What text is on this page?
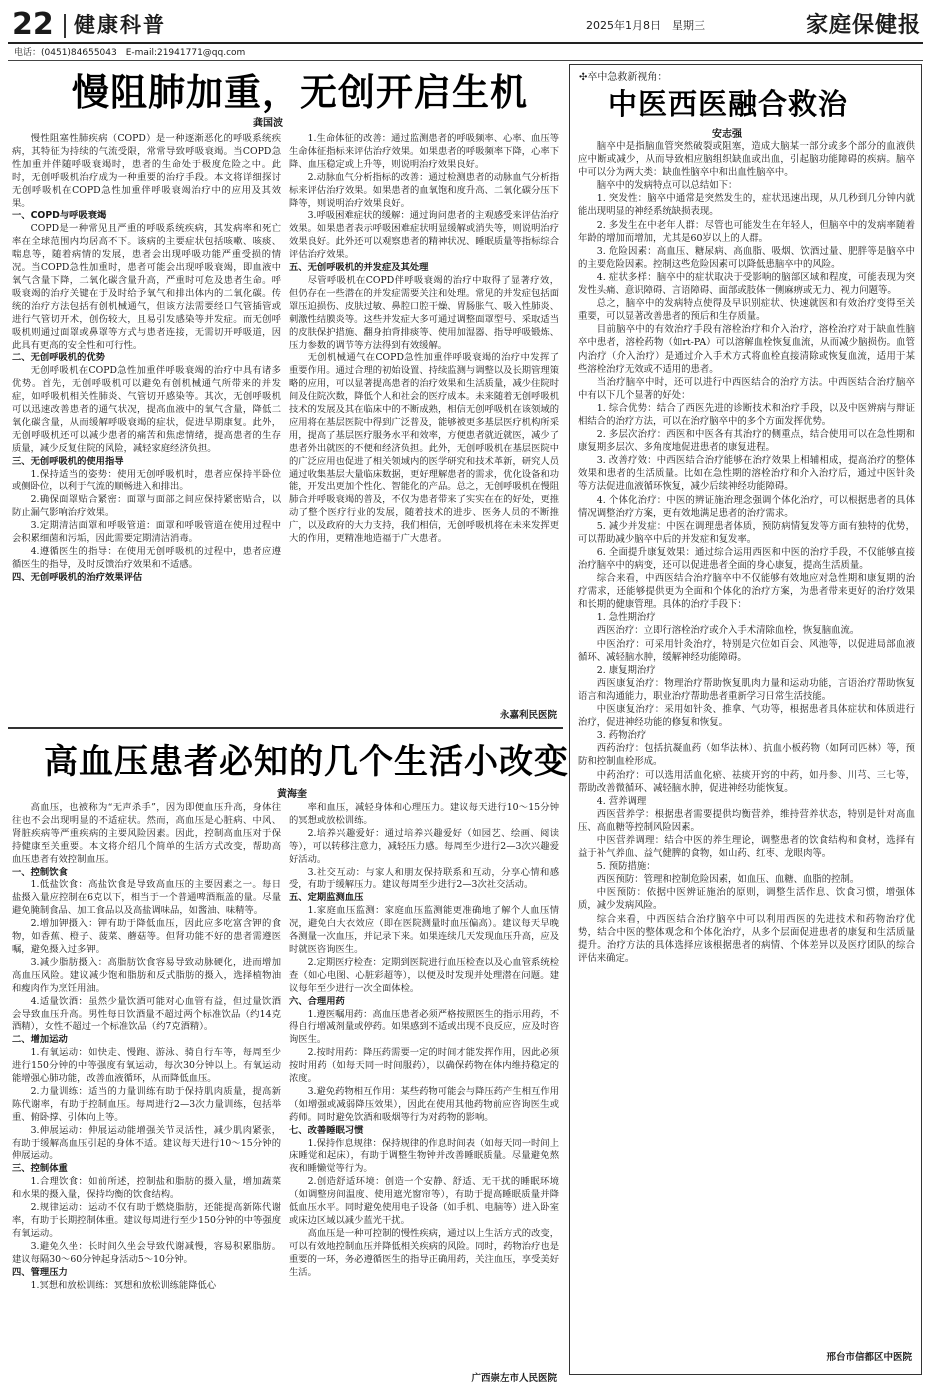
22 健康科普	2025年1月8日　星期三	家庭保健报
电话：(0451)84655043　E-mail:21941771@qq.com
慢阻肺加重，无创开启生机
龚国波

慢性阻塞性肺疾病（COPD）是一种逐渐恶化的呼吸系统疾病，其特征为持续的气流受限，常常导致呼吸衰竭。当COPD急性加重并伴随呼吸衰竭时，患者的生命处于极度危险之中。此时，无创呼吸机治疗成为一种重要的治疗手段。本文将详细探讨无创呼吸机在COPD急性加重伴呼吸衰竭治疗中的应用及其效果。

一、COPD与呼吸衰竭

COPD是一种常见且严重的呼吸系统疾病，其发病率和死亡率在全球范围内均居高不下。该病的主要症状包括咳嗽、咳痰、喘息等，随着病情的发展，患者会出现呼吸功能严重受损的情况。当COPD急性加重时，患者可能会出现呼吸衰竭，即血液中氧气含量下降，二氧化碳含量升高，严重时可危及患者生命。呼吸衰竭的治疗关键在于及时给予氧气和排出体内的二氧化碳。传统的治疗方法包括有创机械通气，但该方法需要经口气管插管或进行气管切开术，创伤较大，且易引发感染等并发症。而无创呼吸机则通过面罩或鼻罩等方式与患者连接，无需切开呼吸道，因此具有更高的安全性和可行性。

二、无创呼吸机的优势

无创呼吸机在COPD急性加重伴呼吸衰竭的治疗中具有诸多优势。首先，无创呼吸机可以避免有创机械通气所带来的并发症，如呼吸机相关性肺炎、气管切开感染等。其次，无创呼吸机可以迅速改善患者的通气状况，提高血液中的氧气含量，降低二氧化碳含量，从而缓解呼吸衰竭的症状，促进早期康复。此外，无创呼吸机还可以减少患者的痛苦和焦虑情绪，提高患者的生存质量，减少反复住院的风险，减轻家庭经济负担。

三、无创呼吸机的使用指导

1.保持适当的姿势：使用无创呼吸机时，患者应保持半卧位或侧卧位，以利于气流的顺畅进入和排出。

2.确保面罩贴合紧密：面罩与面部之间应保持紧密贴合，以防止漏气影响治疗效果。

3.定期清洁面罩和呼吸管道：面罩和呼吸管道在使用过程中会积累细菌和污垢，因此需要定期清洁消毒。

4.遵循医生的指导：在使用无创呼吸机的过程中，患者应遵循医生的指导，及时反馈治疗效果和不适感。

四、无创呼吸机的治疗效果评估

1.生命体征的改善：通过监测患者的呼吸频率、心率、血压等生命体征指标来评估治疗效果。如果患者的呼吸频率下降，心率下降、血压稳定或上升等，则说明治疗效果良好。

2.动脉血气分析指标的改善：通过检测患者的动脉血气分析指标来评估治疗效果。如果患者的血氧饱和度升高、二氧化碳分压下降等，则说明治疗效果良好。

3.呼吸困难症状的缓解：通过询问患者的主观感受来评估治疗效果。如果患者表示呼吸困难症状明显缓解或消失等，则说明治疗效果良好。此外还可以观察患者的精神状况、睡眠质量等指标综合评估治疗效果。

五、无创呼吸机的并发症及其处理

尽管呼吸机在COPD伴呼吸衰竭的治疗中取得了显著疗效，但仍存在一些潜在的并发症需要关注和处理。常见的并发症包括面罩压迫损伤、皮肤过敏、鼻腔口腔干燥、胃肠胀气、吸入性肺炎、刺激性结膜炎等。这些并发症大多可通过调整面罩型号、采取适当的皮肤保护措施、翻身拍背排痰等、使用加湿器、指导呼吸锻炼、压力参数的调节等方法得到有效缓解。

无创机械通气在COPD急性加重伴呼吸衰竭的治疗中发挥了重要作用。通过合理的初始设置、持续监测与调整以及长期管理策略的应用，可以显著提高患者的治疗效果和生活质量，减少住院时间及住院次数，降低个人和社会的医疗成本。未来随着无创呼吸机技术的发展及其在临床中的不断成熟，相信无创呼吸机在该领域的应用将在基层医院中得到广泛普及，能够被更多基层医疗机构所采用，提高了基层医疗服务水平和效率，方便患者就近就医，减少了患者外出就医的不便和经济负担。此外，无创呼吸机在基层医院中的广泛应用也促进了相关领域内的医学研究和技术革新，研究人员通过收集基层大量临床数据，更好理解患者的需求，优化设备和功能，开发出更加个性化、智能化的产品。总之，无创呼吸机在慢阻肺合并呼吸衰竭的普及，不仅为患者带来了实实在在的好处，更推动了整个医疗行业的发展，随着技术的进步、医务人员的不断推广，以及政府的大力支持，我们相信，无创呼吸机将在未来发挥更大的作用，更精准地造福于广大患者。

永嘉利民医院
高血压患者必知的几个生活小改变
黄海奎

高血压，也被称为“无声杀手”，因为即便血压升高，身体往往也不会出现明显的不适症状。然而，高血压是心脏病、中风、肾脏疾病等严重疾病的主要风险因素。因此，控制高血压对于保持健康至关重要。本文将介绍几个简单的生活方式改变，帮助高血压患者有效控制血压。

一、控制饮食

1.低盐饮食：高盐饮食是导致高血压的主要因素之一。每日盐摄入量应控制在6克以下，相当于一个普通啤酒瓶盖的量。尽量避免腌制食品、加工食品以及高盐调味品，如酱油、味精等。

2.增加钾摄入：钾有助于降低血压，因此应多吃富含钾的食物，如香蕉、橙子、菠菜、蘑菇等。但肾功能不好的患者需遵医嘱，避免摄入过多钾。

3.减少脂肪摄入：高脂肪饮食容易导致动脉硬化，进而增加高血压风险。建议减少饱和脂肪和反式脂肪的摄入，选择植物油和瘦肉作为烹饪用油。

4.适量饮酒：虽然少量饮酒可能对心血管有益，但过量饮酒会导致血压升高。男性每日饮酒量不超过两个标准饮品（约14克酒精），女性不超过一个标准饮品（约7克酒精）。

二、增加运动

1.有氧运动：如快走、慢跑、游泳、骑自行车等，每周至少进行150分钟的中等强度有氧运动，每次30分钟以上。有氧运动能增强心肺功能，改善血液循环，从而降低血压。

2.力量训练：适当的力量训练有助于保持肌肉质量，提高新陈代谢率，有助于控制血压。每周进行2—3次力量训练，包括举重、俯卧撑、引体向上等。

3.伸展运动：伸展运动能增强关节灵活性，减少肌肉紧张，有助于缓解高血压引起的身体不适。建议每天进行10～15分钟的伸展运动。

三、控制体重

1.合理饮食：如前所述，控制盐和脂肪的摄入量，增加蔬菜和水果的摄入量，保持均衡的饮食结构。

2.规律运动：运动不仅有助于燃烧脂肪，还能提高新陈代谢率，有助于长期控制体重。建议每周进行至少150分钟的中等强度有氧运动。

3.避免久坐：长时间久坐会导致代谢减慢，容易积累脂肪。建议每隔30～60分钟起身活动5～10分钟。

四、管理压力

1.冥想和放松训练：冥想和放松训练能降低心

率和血压，减轻身体和心理压力。建议每天进行10～15分钟的冥想或放松训练。

2.培养兴趣爱好：通过培养兴趣爱好（如园艺、绘画、阅读等），可以转移注意力，减轻压力感。每周至少进行2—3次兴趣爱好活动。

3.社交互动：与家人和朋友保持联系和互动，分享心情和感受，有助于缓解压力。建议每周至少进行2—3次社交活动。

五、定期监测血压

1.家庭血压监测：家庭血压监测能更准确地了解个人血压情况，避免白大衣效应（即在医院测量时血压偏高）。建议每天早晚各测量一次血压，并记录下来。如果连续几天发现血压升高，应及时就医咨询医生。

2.定期医疗检查：定期到医院进行血压检查以及心血管系统检查（如心电图、心脏彩超等），以便及时发现并处理潜在问题。建议每年至少进行一次全面体检。

六、合理用药

1.遵医嘱用药：高血压患者必须严格按照医生的指示用药，不得自行增减剂量或停药。如果感到不适或出现不良反应，应及时咨询医生。

2.按时用药：降压药需要一定的时间才能发挥作用，因此必须按时用药（如每天同一时间服药），以确保药物在体内维持稳定的浓度。

3.避免药物相互作用：某些药物可能会与降压药产生相互作用（如增强或减弱降压效果），因此在使用其他药物前应咨询医生或药师。同时避免饮酒和吸烟等行为对药物的影响。

七、改善睡眠习惯

1.保持作息规律：保持规律的作息时间表（如每天同一时间上床睡觉和起床），有助于调整生物钟并改善睡眠质量。尽量避免熬夜和睡懒觉等行为。

2.创造舒适环境：创造一个安静、舒适、无干扰的睡眠环境（如调整房间温度、使用遮光窗帘等），有助于提高睡眠质量并降低血压水平。同时避免使用电子设备（如手机、电脑等）进入卧室或床边区域以减少蓝光干扰。

高血压是一种可控制的慢性疾病，通过以上生活方式的改变，可以有效地控制血压并降低相关疾病的风险。同时，药物治疗也是重要的一环，务必遵循医生的指导正确用药，关注血压，享受美好生活。

广西崇左市人民医院
✣卒中急救新视角：
中医西医融合救治
安志强

脑卒中是指脑血管突然破裂或阻塞，造成大脑某一部分或多个部分的血液供应中断或减少，从而导致相应脑组织缺血或出血，引起脑功能障碍的疾病。脑卒中可以分为两大类：缺血性脑卒中和出血性脑卒中。

脑卒中的发病特点可以总结如下：

1. 突发性：脑卒中通常是突然发生的，症状迅速出现，从几秒到几分钟内就能出现明显的神经系统缺损表现。

2. 多发生在中老年人群：尽管也可能发生在年轻人，但脑卒中的发病率随着年龄的增加而增加，尤其是60岁以上的人群。

3. 危险因素：高血压、糖尿病、高血脂、吸烟、饮酒过量、肥胖等是脑卒中的主要危险因素。控制这些危险因素可以降低患脑卒中的风险。

4. 症状多样：脑卒中的症状取决于受影响的脑部区域和程度，可能表现为突发性头痛、意识障碍、言语障碍、面部或肢体一侧麻痹或无力、视力问题等。

总之，脑卒中的发病特点使得及早识别症状、快速就医和有效治疗变得至关重要，可以显著改善患者的预后和生存质量。

目前脑卒中的有效治疗手段有溶栓治疗和介入治疗，溶栓治疗对于缺血性脑卒中患者，溶栓药物（如rt-PA）可以溶解血栓恢复血流，从而减少脑损伤。血管内治疗（介入治疗）是通过介入手术方式将血栓直接清除或恢复血流，适用于某些溶栓治疗无效或不适用的患者。

当治疗脑卒中时，还可以进行中西医结合的治疗方法。中西医结合治疗脑卒中有以下几个显著的好处：

1. 综合优势：结合了西医先进的诊断技术和治疗手段，以及中医辨病与辩证相结合的治疗方法，可以在治疗脑卒中的多个方面发挥优势。

2. 多层次治疗：西医和中医各有其治疗的侧重点，结合使用可以在急性期和康复期多层次、多角度地促进患者的康复进程。

3. 改善疗效：中西医结合治疗能够在治疗效果上相辅相成，提高治疗的整体效果和患者的生活质量。比如在急性期的溶栓治疗和介入治疗后，通过中医针灸等方法促进血液循环恢复，减少后续神经功能障碍。

4. 个体化治疗：中医的辨证施治理念强调个体化治疗，可以根据患者的具体情况调整治疗方案，更有效地满足患者的治疗需求。

5. 减少并发症：中医在调理患者体质，预防病情复发等方面有独特的优势，可以帮助减少脑卒中后的并发症和复发率。

6. 全面提升康复效果：通过综合运用西医和中医的治疗手段，不仅能够直接治疗脑卒中的病变，还可以促进患者全面的身心康复，提高生活质量。

综合来看，中西医结合治疗脑卒中不仅能够有效地应对急性期和康复期的治疗需求，还能够提供更为全面和个体化的治疗方案，为患者带来更好的治疗效果和长期的健康管理。具体的治疗手段下：

1. 急性期治疗

西医治疗：立即行溶栓治疗或介入手术清除血栓，恢复脑血流。

中医治疗：可采用针灸治疗，特别是穴位如百会、风池等，以促进局部血液循环、减轻脑水肿，缓解神经功能障碍。

2. 康复期治疗

西医康复治疗：物理治疗帮助恢复肌肉力量和运动功能，言语治疗帮助恢复语言和沟通能力，职业治疗帮助患者重新学习日常生活技能。

中医康复治疗：采用如针灸、推拿、气功等，根据患者具体症状和体质进行治疗，促进神经功能的修复和恢复。

3. 药物治疗

西药治疗：包括抗凝血药（如华法林）、抗血小板药物（如阿司匹林）等，预防和控制血栓形成。

中药治疗：可以选用活血化瘀、祛痰开窍的中药，如丹参、川芎、三七等，帮助改善微循环、减轻脑水肿，促进神经功能恢复。

4. 营养调理

西医营养学：根据患者需要提供均衡营养，维持营养状态，特别是针对高血压、高血糖等控制风险因素。

中医营养调理：结合中医的养生理论，调整患者的饮食结构和食材，选择有益于补气养血、益气健脾的食物，如山药、红枣、龙眼肉等。

5. 预防措施：

西医预防：管理和控制危险因素，如血压、血糖、血脂的控制。

中医预防：依据中医辨证施治的原则，调整生活作息、饮食习惯，增强体质，减少发病风险。

综合来看，中西医结合治疗脑卒中可以利用西医的先进技术和药物治疗优势，结合中医的整体观念和个体化治疗，从多个层面促进患者的康复和生活质量提升。治疗方法的具体选择应该根据患者的病情、个体差异以及医疗团队的综合评估来确定。

邢台市信都区中医院
